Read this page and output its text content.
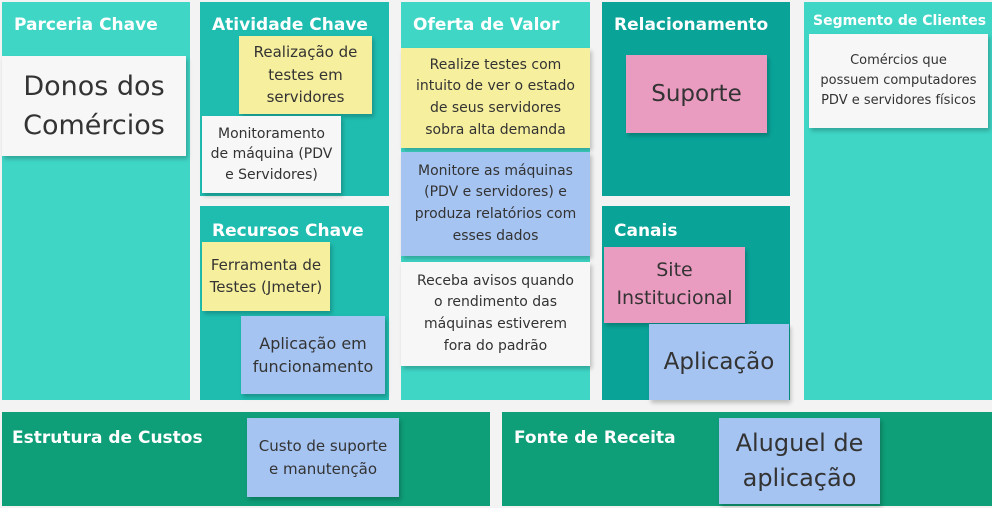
Parceria Chave
Donos dos Comércios
Atividade Chave
Realização de testes em servidores
Monitoramento de máquina (PDV e Servidores)
Recursos Chave
Ferramenta de Testes (Jmeter)
Aplicação em funcionamento
Oferta de Valor
Realize testes com intuito de ver o estado de seus servidores sobra alta demanda
Monitore as máquinas (PDV e servidores) e produza relatórios com esses dados
Receba avisos quando o rendimento das máquinas estiverem fora do padrão
Relacionamento
Suporte
Canais
Site Institucional
Aplicação
Segmento de Clientes
Comércios que possuem computadores PDV e servidores físicos
Estrutura de Custos	Custo de suporte e manutenção
Fonte de Receita	Aluguel de aplicação
